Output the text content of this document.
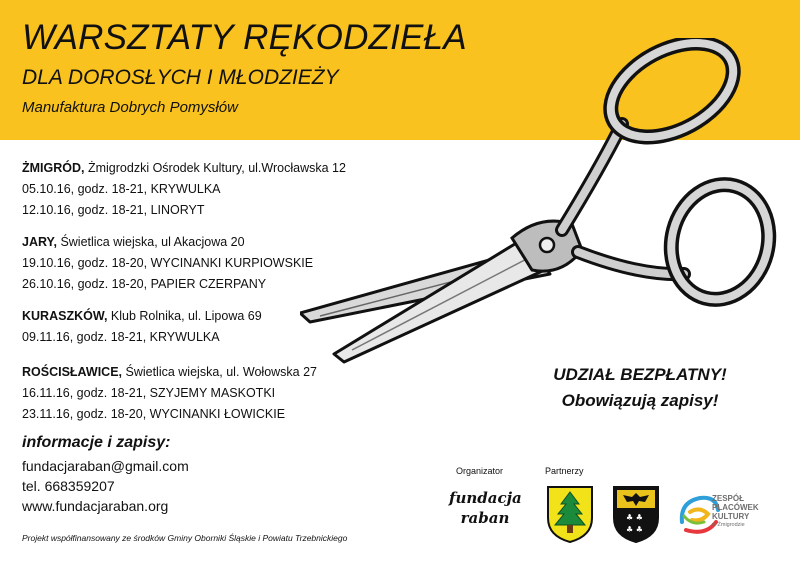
WARSZTATY RĘKODZIEŁA
DLA DOROSŁYCH I MŁODZIEŻY
Manufaktura Dobrych Pomysłów
ŻMIGRÓD, Żmigrodzki Ośrodek Kultury, ul.Wrocławska 12
05.10.16, godz. 18-21, KRYWULKA
12.10.16, godz. 18-21, LINORYT
JARY, Świetlica wiejska, ul Akacjowa 20
19.10.16, godz. 18-20, WYCINANKI KURPIOWSKIE
26.10.16, godz. 18-20, PAPIER CZERPANY
KURASZKÓW, Klub Rolnika, ul. Lipowa 69
09.11.16, godz. 18-21, KRYWULKA
ROŚCISŁAWICE, Świetlica wiejska, ul. Wołowska 27
16.11.16, godz. 18-21, SZYJEMY MASKOTKI
23.11.16, godz. 18-20, WYCINANKI ŁOWICKIE
UDZIAŁ BEZPŁATNY!
Obowiązują zapisy!
informacje i zapisy:
fundacjaraban@gmail.com
tel. 668359207
www.fundacjaraban.org
Projekt współfinansowany ze środków Gminy Oborniki Śląskie i Powiatu Trzebnickiego
Organizator	Partnerzy
fundacja
raban	♣ ♣
♣ ♣
ZESPÓŁ
PLACÓWEK
KULTURY
w Żmigrodzie
